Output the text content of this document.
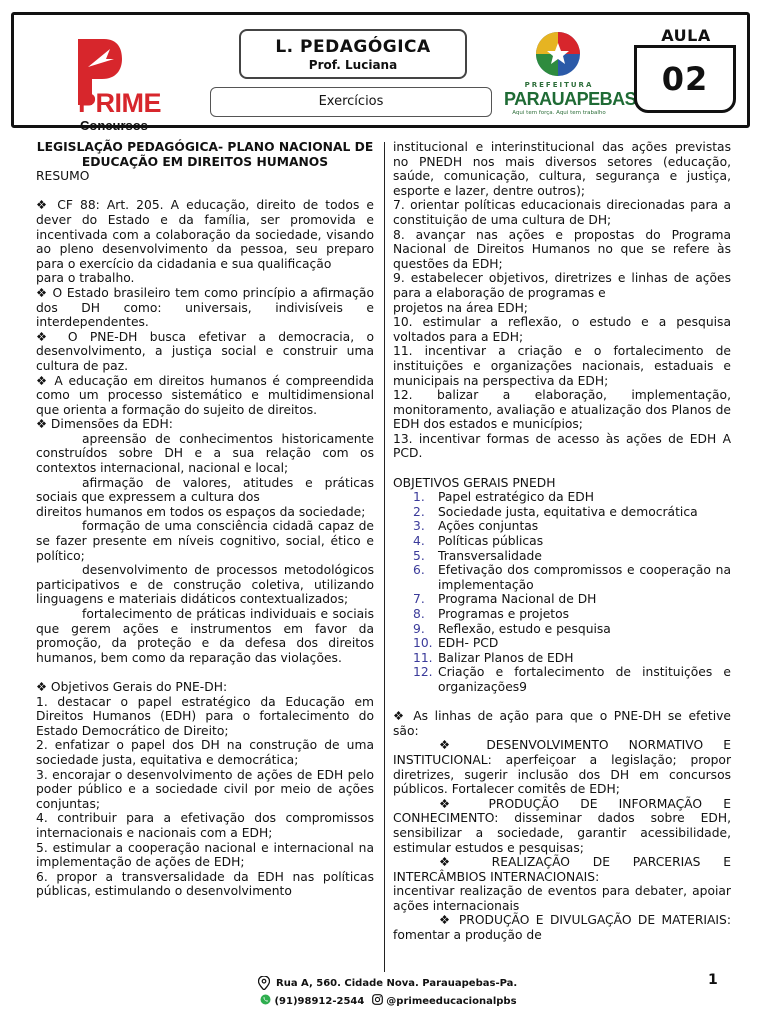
PRIME
Concursos
L. PEDAGÓGICA
Prof. Luciana
Exercícios
PREFEITURA
PARAUAPEBAS
Aqui tem força. Aqui tem trabalho
AULA
02

LEGISLAÇÃO PEDAGÓGICA- PLANO NACIONAL DE EDUCAÇÃO EM DIREITOS HUMANOS

RESUMO

❖ CF 88: Art. 205. A educação, direito de todos e dever do Estado e da família, ser promovida e incentivada com a colaboração da sociedade, visando ao pleno desenvolvimento da pessoa, seu preparo para o exercício da cidadania e sua qualificação

para o trabalho.

❖ O Estado brasileiro tem como princípio a afirmação dos DH como: universais, indivisíveis e interdependentes.

❖ O PNE-DH busca efetivar a democracia, o desenvolvimento, a justiça social e construir uma cultura de paz.

❖ A educação em direitos humanos é compreendida como um processo sistemático e multidimensional que orienta a formação do sujeito de direitos.

❖ Dimensões da EDH:

apreensão de conhecimentos historicamente construídos sobre DH e a sua relação com os contextos internacional, nacional e local;

afirmação de valores, atitudes e práticas sociais que expressem a cultura dos

direitos humanos em todos os espaços da sociedade;

formação de uma consciência cidadã capaz de se fazer presente em níveis cognitivo, social, ético e político;

desenvolvimento de processos metodológicos participativos e de construção coletiva, utilizando linguagens e materiais didáticos contextualizados;

fortalecimento de práticas individuais e sociais que gerem ações e instrumentos em favor da promoção, da proteção e da defesa dos direitos humanos, bem como da reparação das violações.

❖ Objetivos Gerais do PNE-DH:

1. destacar o papel estratégico da Educação em Direitos Humanos (EDH) para o fortalecimento do Estado Democrático de Direito;

2. enfatizar o papel dos DH na construção de uma sociedade justa, equitativa e democrática;

3. encorajar o desenvolvimento de ações de EDH pelo poder público e a sociedade civil por meio de ações conjuntas;

4. contribuir para a efetivação dos compromissos internacionais e nacionais com a EDH;

5. estimular a cooperação nacional e internacional na implementação de ações de EDH;

6. propor a transversalidade da EDH nas políticas públicas, estimulando o desenvolvimento

institucional e interinstitucional das ações previstas no PNEDH nos mais diversos setores (educação, saúde, comunicação, cultura, segurança e justiça, esporte e lazer, dentre outros);

7. orientar políticas educacionais direcionadas para a constituição de uma cultura de DH;

8. avançar nas ações e propostas do Programa Nacional de Direitos Humanos no que se refere às questões da EDH;

9. estabelecer objetivos, diretrizes e linhas de ações para a elaboração de programas e

projetos na área EDH;

10. estimular a reflexão, o estudo e a pesquisa voltados para a EDH;

11. incentivar a criação e o fortalecimento de instituições e organizações nacionais, estaduais e municipais na perspectiva da EDH;

12. balizar a elaboração, implementação, monitoramento, avaliação e atualização dos Planos de EDH dos estados e municípios;

13. incentivar formas de acesso às ações de EDH A PCD.

OBJETIVOS GERAIS PNEDH

1. Papel estratégico da EDH
2. Sociedade justa, equitativa e democrática
3. Ações conjuntas
4. Políticas públicas
5. Transversalidade
6. Efetivação dos compromissos e cooperação na implementação
7. Programa Nacional de DH
8. Programas e projetos
9. Reflexão, estudo e pesquisa
10. EDH- PCD
11. Balizar Planos de EDH
12. Criação e fortalecimento de instituições e organizações9

❖ As linhas de ação para que o PNE-DH se efetive são:

❖ DESENVOLVIMENTO NORMATIVO E INSTITUCIONAL: aperfeiçoar a legislação; propor diretrizes, sugerir inclusão dos DH em concursos públicos. Fortalecer comitês de EDH;

❖ PRODUÇÃO DE INFORMAÇÃO E CONHECIMENTO: disseminar dados sobre EDH, sensibilizar a sociedade, garantir acessibilidade, estimular estudos e pesquisas;

❖ REALIZAÇÃO DE PARCERIAS E INTERCÂMBIOS INTERNACIONAIS:

incentivar realização de eventos para debater, apoiar ações internacionais

❖ PRODUÇÃO E DIVULGAÇÃO DE MATERIAIS: fomentar a produção de

Rua A, 560. Cidade Nova. Parauapebas-Pa.
(91)98912-2544 @primeeducacionalpbs
1
